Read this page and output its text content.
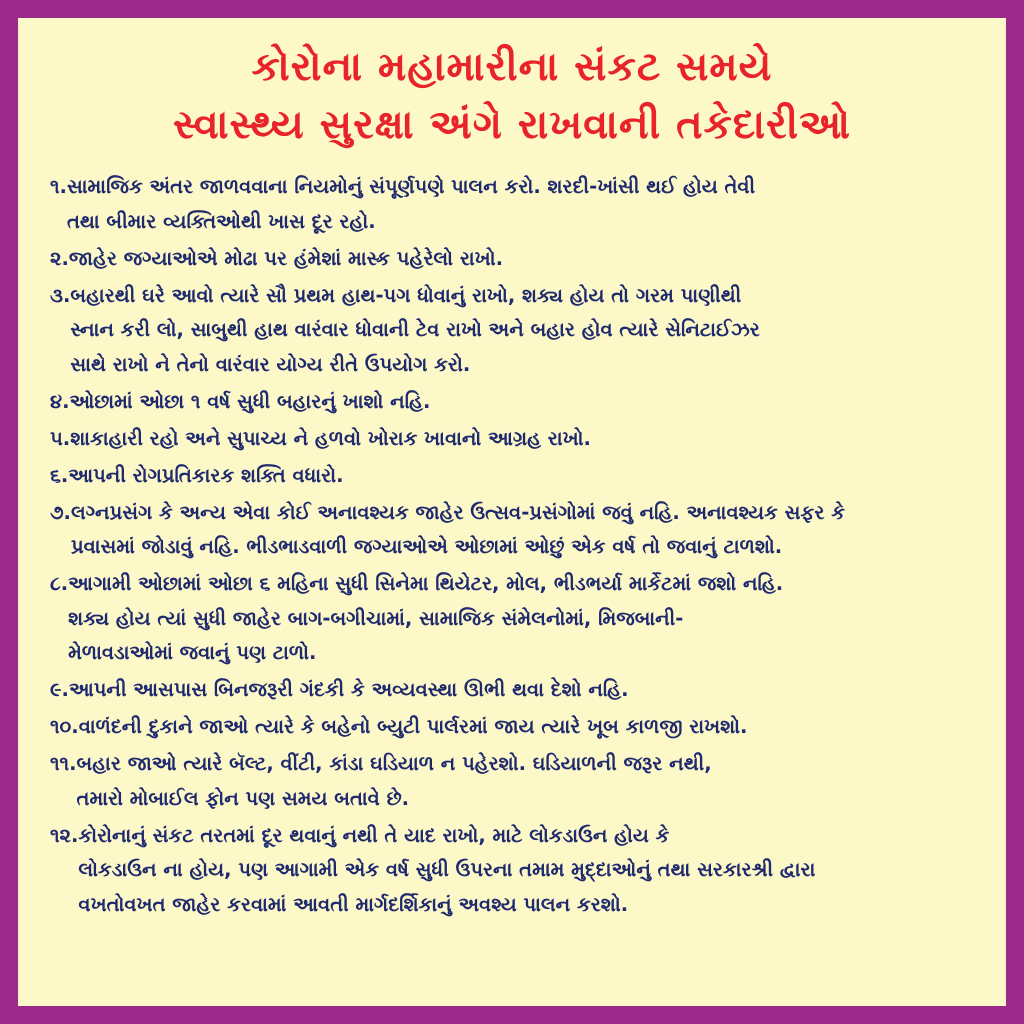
કોરોના મહામારીના સંકટ સમયે
સ્વાસ્થ્ય સુરક્ષા અંગે રાખવાની તકેદારીઓ
૧. સામાજિક અંતર જાળવવાના નિયમોનું સંપૂર્ણપણે પાલન કરો. શરદી-ખાંસી થઈ હોય તેવી
તથા બીમાર વ્યક્તિઓથી ખાસ દૂર રહો.
૨. જાહેર જગ્યાઓએ મોઢા પર હંમેશાં માસ્ક પહેરેલો રાખો.
૩. બહારથી ઘરે આવો ત્યારે સૌ પ્રથમ હાથ-પગ ધોવાનું રાખો, શક્ય હોય તો ગરમ પાણીથી
સ્નાન કરી લો, સાબુથી હાથ વારંવાર ધોવાની ટેવ રાખો અને બહાર હોવ ત્યારે સેનિટાઈઝર
સાથે રાખો ને તેનો વારંવાર યોગ્ય રીતે ઉપયોગ કરો.
૪. ઓછામાં ઓછા ૧ વર્ષ સુધી બહારનું ખાશો નહિ.
૫. શાકાહારી રહો અને સુપાચ્ય ને હળવો ખોરાક ખાવાનો આગ્રહ રાખો.
૬. આપની રોગપ્રતિકારક શક્તિ વધારો.
૭. લગ્નપ્રસંગ કે અન્ય એવા કોઈ અનાવશ્યક જાહેર ઉત્સવ-પ્રસંગોમાં જવું નહિ. અનાવશ્યક સફર કે
પ્રવાસમાં જોડાવું નહિ. ભીડભાડવાળી જગ્યાઓએ ઓછામાં ઓછું એક વર્ષ તો જવાનું ટાળશો.
૮. આગામી ઓછામાં ઓછા ૬ મહિના સુધી સિનેમા થિયેટર, મોલ, ભીડભર્યા માર્કેટમાં જશો નહિ.
શક્ય હોય ત્યાં સુધી જાહેર બાગ-બગીચામાં, સામાજિક સંમેલનોમાં, મિજબાની-
મેળાવડાઓમાં જવાનું પણ ટાળો.
૯. આપની આસપાસ બિનજરૂરી ગંદકી કે અવ્યવસ્થા ઊભી થવા દેશો નહિ.
૧૦. વાળંદની દુકાને જાઓ ત્યારે કે બહેનો બ્યુટી પાર્લરમાં જાય ત્યારે ખૂબ કાળજી રાખશો.
૧૧. બહાર જાઓ ત્યારે બૅલ્ટ, વીંટી, કાંડા ઘડિયાળ ન પહેરશો. ઘડિયાળની જરૂર નથી,
તમારો મોબાઈલ ફોન પણ સમય બતાવે છે.
૧૨. કોરોનાનું સંકટ તરતમાં દૂર થવાનું નથી તે યાદ રાખો, માટે લોકડાઉન હોય કે
લોકડાઉન ના હોય, પણ આગામી એક વર્ષ સુધી ઉપરના તમામ મુદ્દાઓનું તથા સરકારશ્રી દ્વારા
વખતોવખત જાહેર કરવામાં આવતી માર્ગદર્શિકાનું અવશ્ય પાલન કરશો.
